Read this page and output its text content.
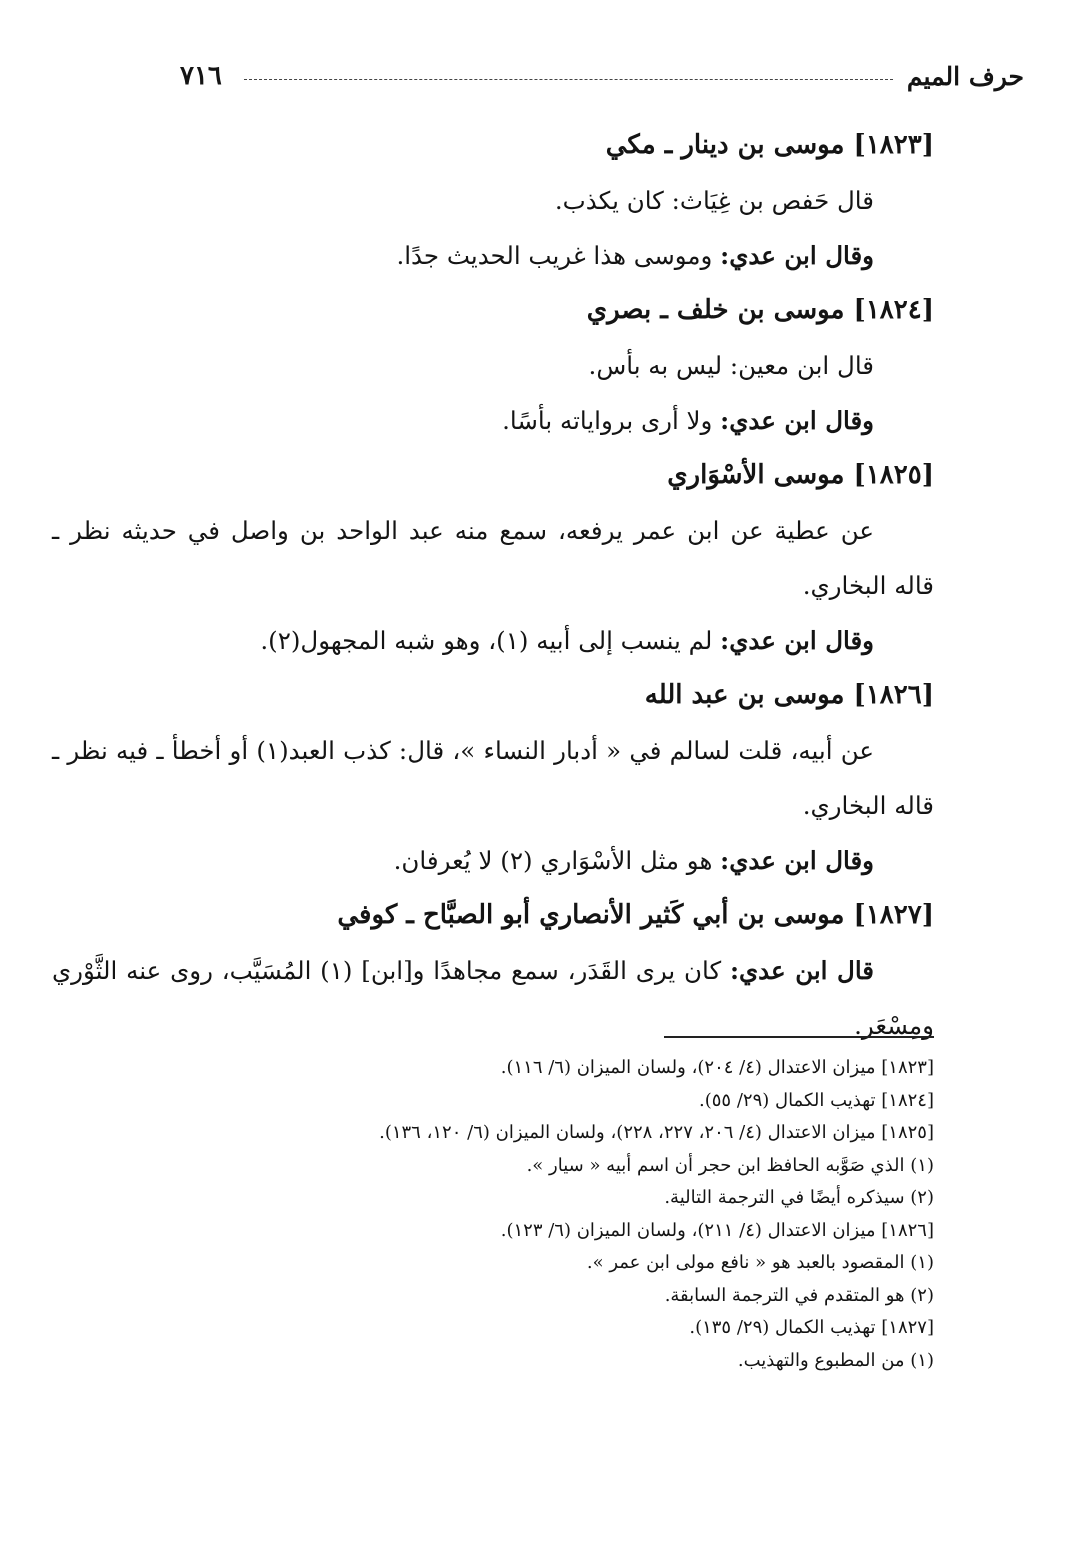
٧١٦	حرف الميم

[١٨٢٣] موسى بن دينار ـ مكي

قال حَفص بن غِيَاث: كان يكذب.

وقال ابن عدي: وموسى هذا غريب الحديث جدًا.

[١٨٢٤] موسى بن خلف ـ بصري

قال ابن معين: ليس به بأس.

وقال ابن عدي: ولا أرى برواياته بأسًا.

[١٨٢٥] موسى الأسْوَاري

عن عطية عن ابن عمر يرفعه، سمع منه عبد الواحد بن واصل في حديثه نظر ـ قاله البخاري.

وقال ابن عدي: لم ينسب إلى أبيه (١)، وهو شبه المجهول(٢).

[١٨٢٦] موسى بن عبد الله

عن أبيه، قلت لسالم في « أدبار النساء »، قال: كذب العبد(١) أو أخطأ ـ فيه نظر ـ قاله البخاري.

وقال ابن عدي: هو مثل الأسْوَاري (٢) لا يُعرفان.

[١٨٢٧] موسى بن أبي كَثير الأنصاري أبو الصبَّاح ـ كوفي

قال ابن عدي: كان يرى القَدَر، سمع مجاهدًا و[ابن] (١) المُسَيَّب، روى عنه الثَّوْري ومِسْعَر.

[١٨٢٣] ميزان الاعتدال (٤/ ٢٠٤)، ولسان الميزان (٦/ ١١٦).

[١٨٢٤] تهذيب الكمال (٢٩/ ٥٥).

[١٨٢٥] ميزان الاعتدال (٤/ ٢٠٦، ٢٢٧، ٢٢٨)، ولسان الميزان (٦/ ١٢٠، ١٣٦).

(١) الذي صَوَّبه الحافظ ابن حجر أن اسم أبيه « سيار ».

(٢) سيذكره أيضًا في الترجمة التالية.

[١٨٢٦] ميزان الاعتدال (٤/ ٢١١)، ولسان الميزان (٦/ ١٢٣).

(١) المقصود بالعبد هو « نافع مولى ابن عمر ».

(٢) هو المتقدم في الترجمة السابقة.

[١٨٢٧] تهذيب الكمال (٢٩/ ١٣٥).

(١) من المطبوع والتهذيب.
